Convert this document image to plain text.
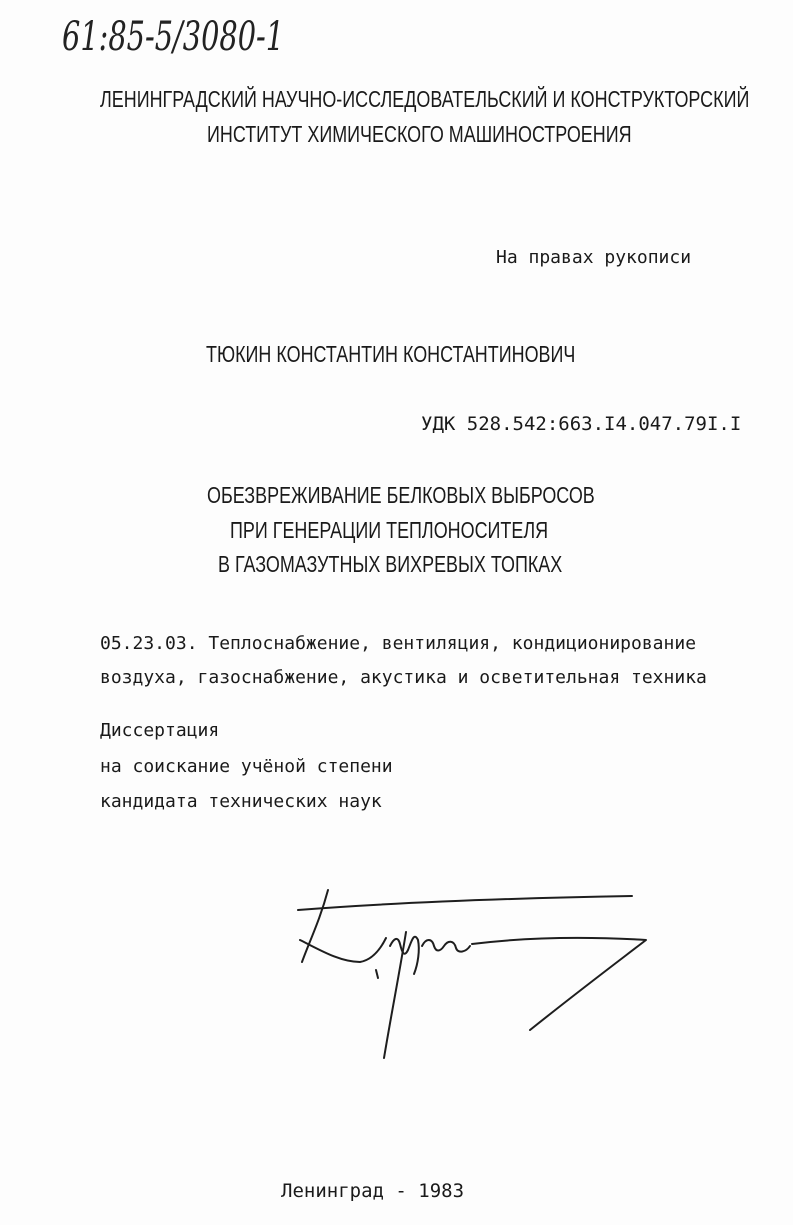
61:85-5/3080-1
ЛЕНИНГРАДСКИЙ НАУЧНО-ИССЛЕДОВАТЕЛЬСКИЙ И КОНСТРУКТОРСКИЙ
ИНСТИТУТ ХИМИЧЕСКОГО МАШИНОСТРОЕНИЯ
На правах рукописи
ТЮКИН КОНСТАНТИН КОНСТАНТИНОВИЧ
УДК 528.542:663.I4.047.79I.I
ОБЕЗВРЕЖИВАНИЕ БЕЛКОВЫХ ВЫБРОСОВ
ПРИ ГЕНЕРАЦИИ ТЕПЛОНОСИТЕЛЯ
В ГАЗОМАЗУТНЫХ ВИХРЕВЫХ ТОПКАХ
05.23.03. Теплоснабжение, вентиляция, кондиционирование
воздуха, газоснабжение, акустика и осветительная техника
Диссертация
на соискание учёной степени
кандидата технических наук
Ленинград - 1983
